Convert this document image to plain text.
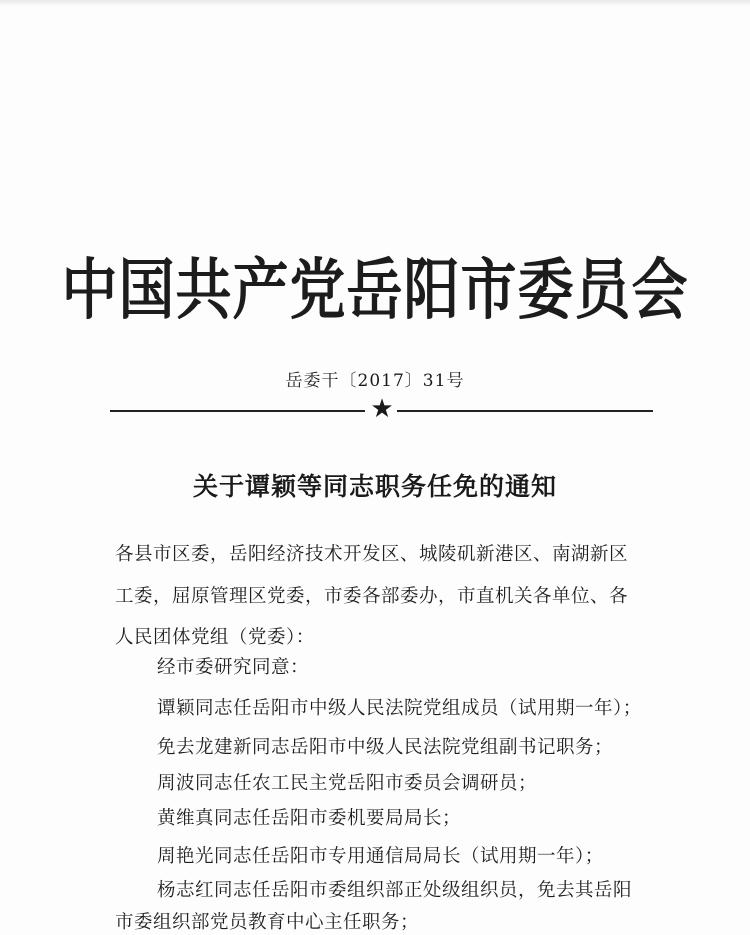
中国共产党岳阳市委员会
岳委干〔2017〕31号
★
关于谭颖等同志职务任免的通知
各县市区委，岳阳经济技术开发区、城陵矶新港区、南湖新区
工委，屈原管理区党委，市委各部委办，市直机关各单位、各
人民团体党组（党委）：
经市委研究同意：
谭颖同志任岳阳市中级人民法院党组成员（试用期一年）；
免去龙建新同志岳阳市中级人民法院党组副书记职务；
周波同志任农工民主党岳阳市委员会调研员；
黄维真同志任岳阳市委机要局局长；
周艳光同志任岳阳市专用通信局局长（试用期一年）；
杨志红同志任岳阳市委组织部正处级组织员，免去其岳阳
市委组织部党员教育中心主任职务；
